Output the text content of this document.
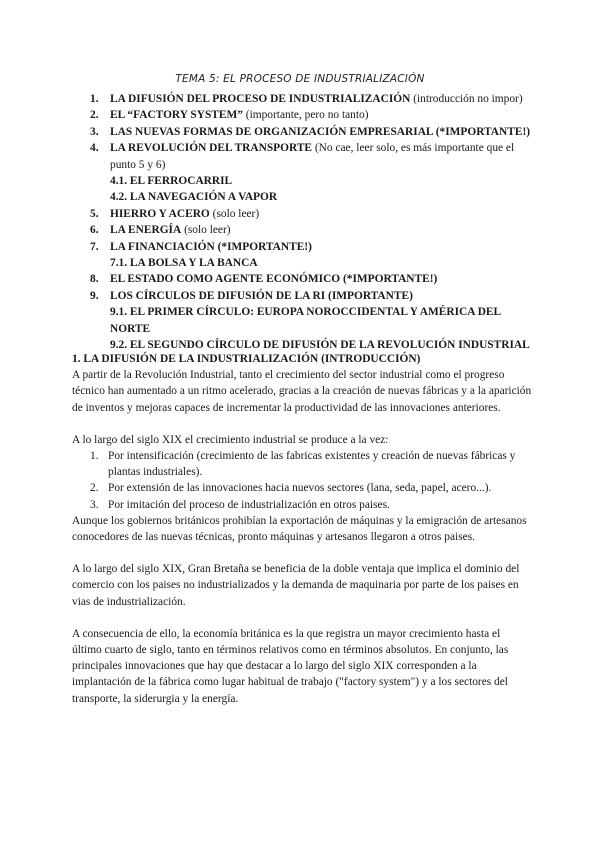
TEMA 5: EL PROCESO DE INDUSTRIALIZACIÓN
1. LA DIFUSIÓN DEL PROCESO DE INDUSTRIALIZACIÓN (introducción no impor)
2. EL “FACTORY SYSTEM” (importante, pero no tanto)
3. LAS NUEVAS FORMAS DE ORGANIZACIÓN EMPRESARIAL (*IMPORTANTE!)
4. LA REVOLUCIÓN DEL TRANSPORTE (No cae, leer solo, es más importante que el punto 5 y 6)
4.1. EL FERROCARRIL
4.2. LA NAVEGACIÓN A VAPOR
5. HIERRO Y ACERO (solo leer)
6. LA ENERGÍA (solo leer)
7. LA FINANCIACIÓN (*IMPORTANTE!)
7.1. LA BOLSA Y LA BANCA
8. EL ESTADO COMO AGENTE ECONÓMICO (*IMPORTANTE!)
9. LOS CÍRCULOS DE DIFUSIÓN DE LA RI (IMPORTANTE)
9.1. EL PRIMER CÍRCULO: EUROPA NOROCCIDENTAL Y AMÉRICA DEL NORTE
9.2. EL SEGUNDO CÍRCULO DE DIFUSIÓN DE LA REVOLUCIÓN INDUSTRIAL

1. LA DIFUSIÓN DE LA INDUSTRIALIZACIÓN (INTRODUCCIÓN)

A partir de la Revolución Industrial, tanto el crecimiento del sector industrial como el progreso técnico han aumentado a un ritmo acelerado, gracias a la creación de nuevas fábricas y a la aparición de inventos y mejoras capaces de incrementar la productividad de las innovaciones anteriores.

A lo largo del siglo XIX el crecimiento industrial se produce a la vez:

1. Por intensificación (crecimiento de las fabricas existentes y creación de nuevas fábricas y plantas industriales).
2. Por extensión de las innovaciones hacia nuevos sectores (lana, seda, papel, acero...).
3. Por imitación del proceso de industrialización en otros paises.

Aunque los gobiernos británicos prohibían la exportación de máquinas y la emigración de artesanos conocedores de las nuevas técnicas, pronto máquinas y artesanos llegaron a otros paises.

A lo largo del siglo XIX, Gran Bretaña se beneficia de la doble ventaja que implica el dominio del comercio con los paises no industrializados y la demanda de maquinaria por parte de los paises en vias de industrialización.

A consecuencia de ello, la economía británica es la que registra un mayor crecimiento hasta el último cuarto de siglo, tanto en términos relativos como en términos absolutos. En conjunto, las principales innovaciones que hay que destacar a lo largo del siglo XIX corresponden a la implantación de la fábrica como lugar habitual de trabajo ("factory system") y a los sectores del transporte, la siderurgia y la energía.
